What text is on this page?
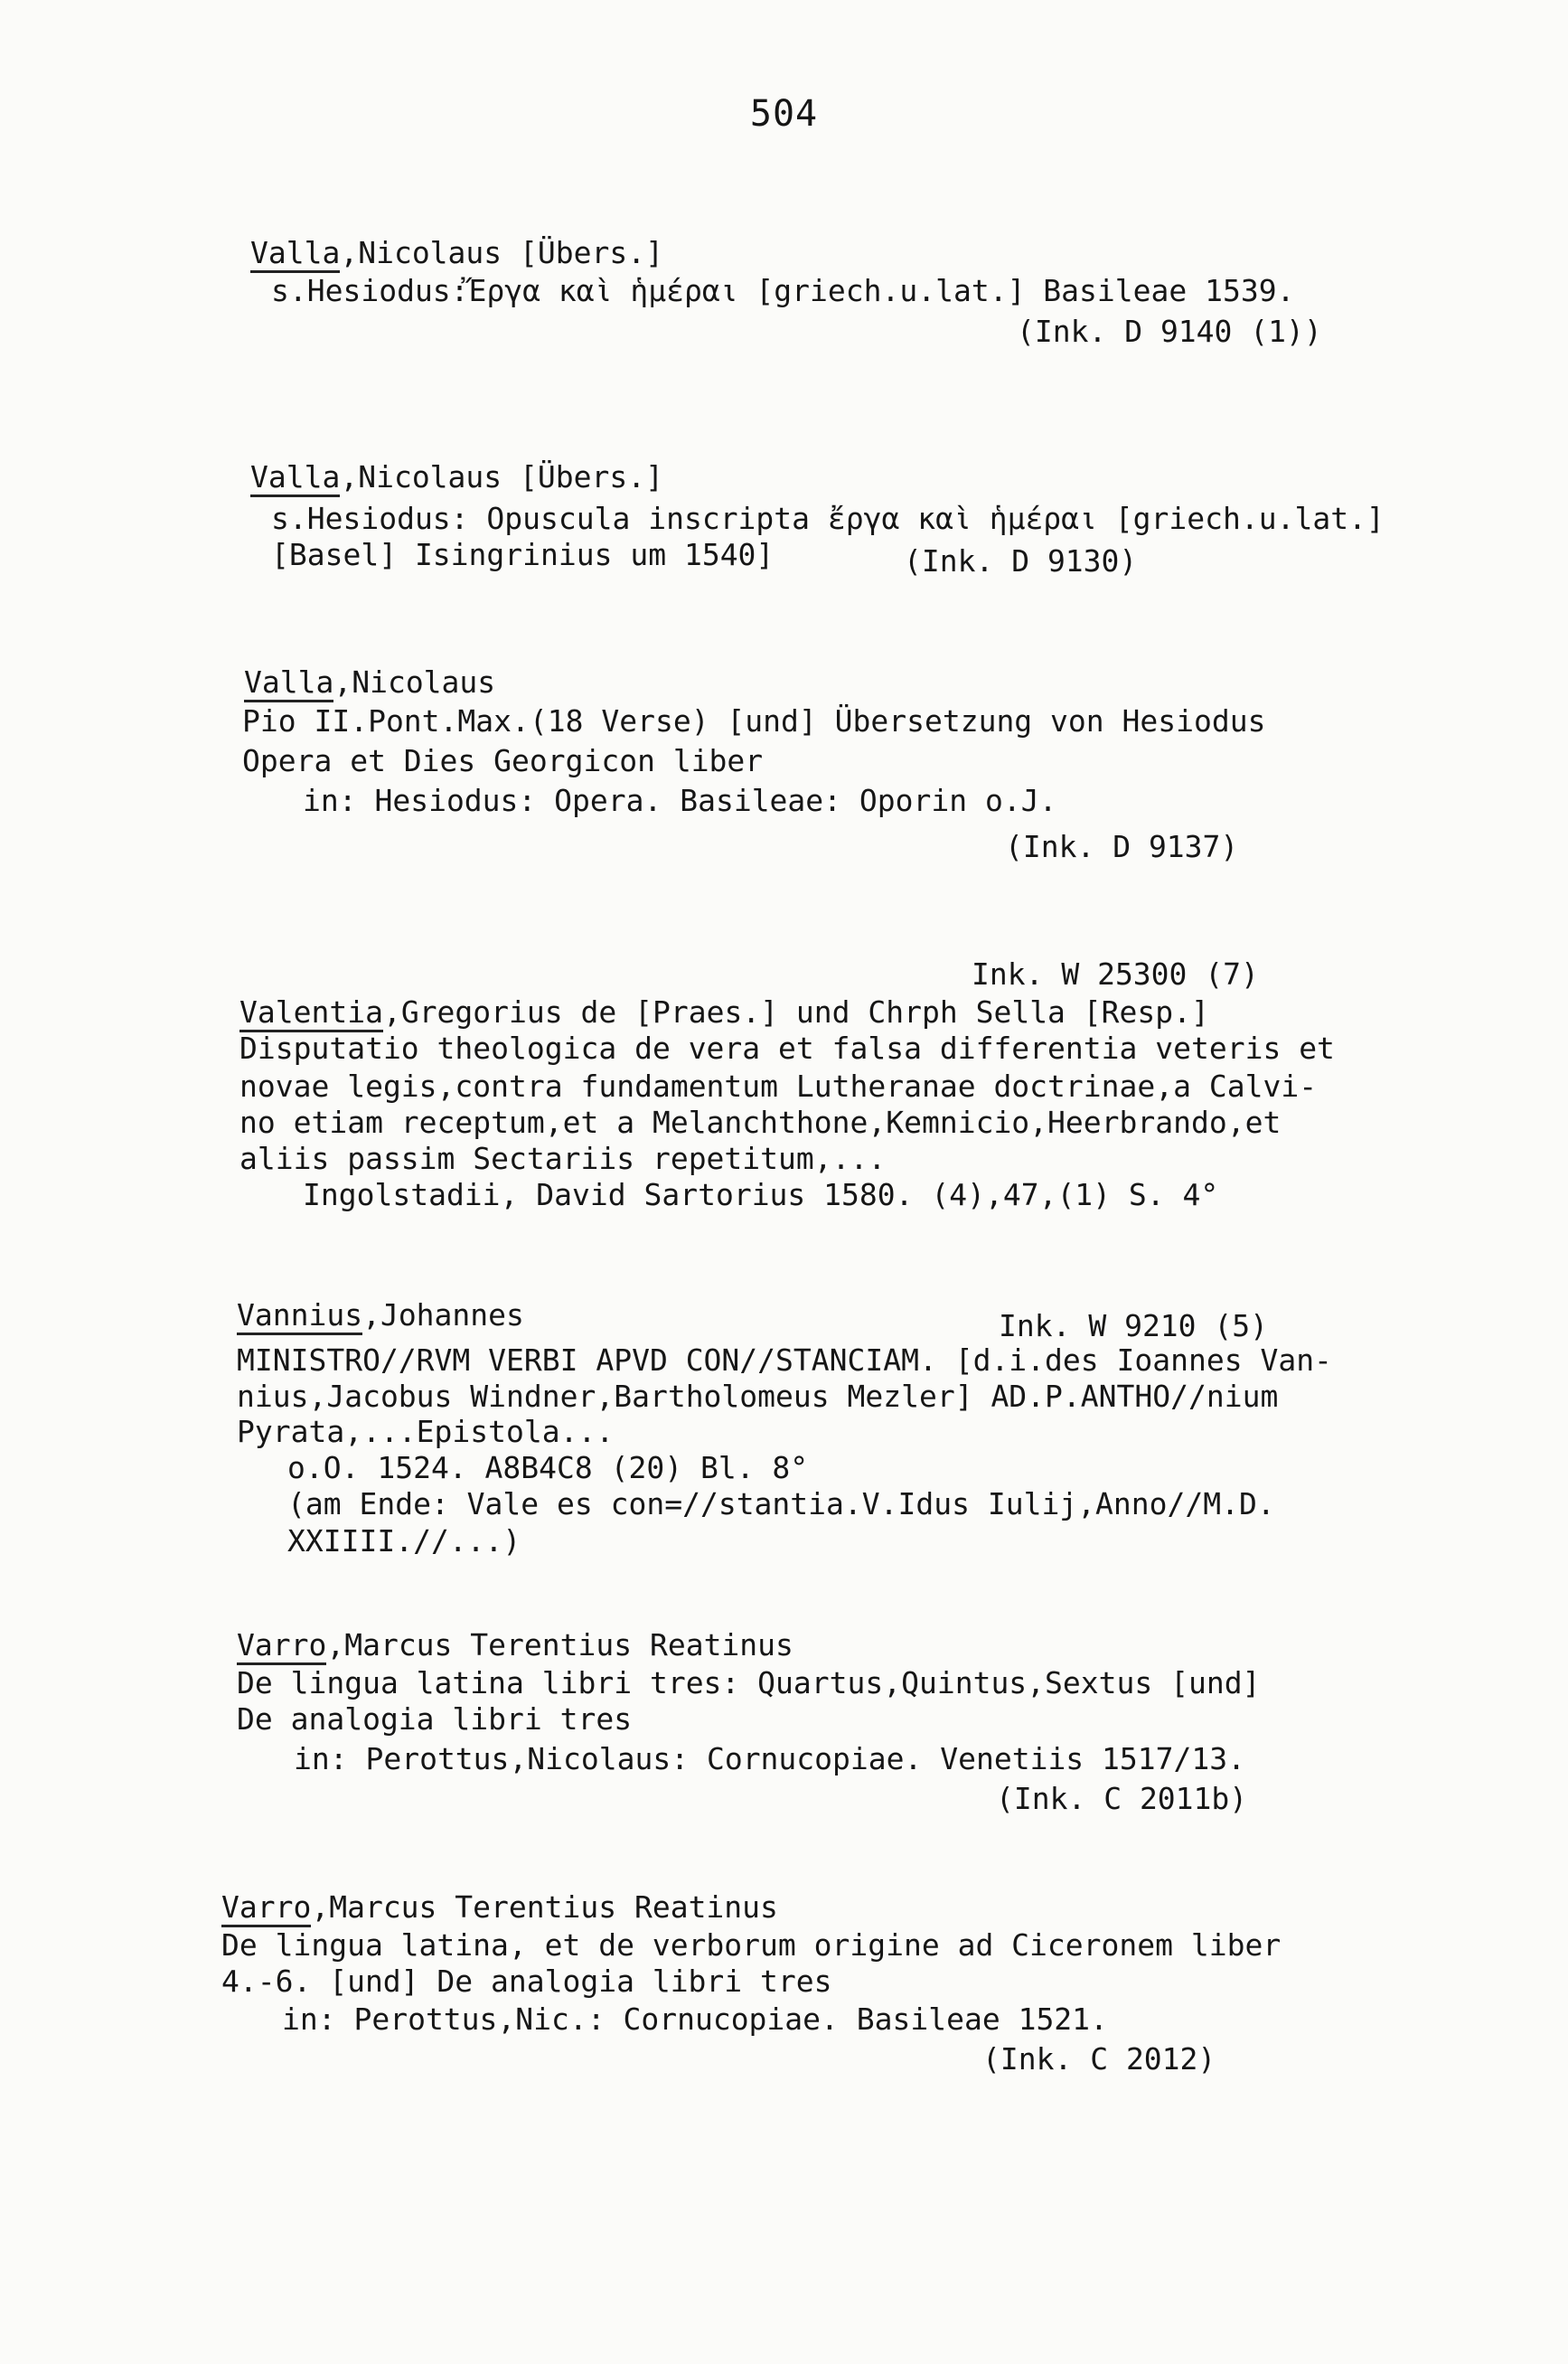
504
Valla,Nicolaus [Übers.]
s.Hesiodus:Ἔργα καὶ ἡμέραι [griech.u.lat.] Basileae 1539.
(Ink. D 9140 (1))
Valla,Nicolaus [Übers.]
s.Hesiodus: Opuscula inscripta ἔργα καὶ ἡμέραι [griech.u.lat.]
[Basel] Isingrinius um 1540]	(Ink. D 9130)
Valla,Nicolaus
Pio II.Pont.Max.(18 Verse) [und] Übersetzung von Hesiodus
Opera et Dies Georgicon liber
in: Hesiodus: Opera. Basileae: Oporin o.J.
(Ink. D 9137)
Ink. W 25300 (7)
Valentia,Gregorius de [Praes.] und Chrph Sella [Resp.]
Disputatio theologica de vera et falsa differentia veteris et
novae legis,contra fundamentum Lutheranae doctrinae,a Calvi-
no etiam receptum,et a Melanchthone,Kemnicio,Heerbrando,et
aliis passim Sectariis repetitum,...
Ingolstadii, David Sartorius 1580. (4),47,(1) S. 4°
Vannius,Johannes	Ink. W 9210 (5)
MINISTRO//RVM VERBI APVD CON//STANCIAM. [d.i.des Ioannes Van-
nius,Jacobus Windner,Bartholomeus Mezler] AD.P.ANTHO//nium
Pyrata,...Epistola...
o.O. 1524. A8B4C8 (20) Bl. 8°
(am Ende: Vale es con=//stantia.V.Idus Iulij,Anno//M.D.
XXIIII.//...)
Varro,Marcus Terentius Reatinus
De lingua latina libri tres: Quartus,Quintus,Sextus [und]
De analogia libri tres
in: Perottus,Nicolaus: Cornucopiae. Venetiis 1517/13.
(Ink. C 2011b)
Varro,Marcus Terentius Reatinus
De lingua latina, et de verborum origine ad Ciceronem liber
4.-6. [und] De analogia libri tres
in: Perottus,Nic.: Cornucopiae. Basileae 1521.
(Ink. C 2012)
